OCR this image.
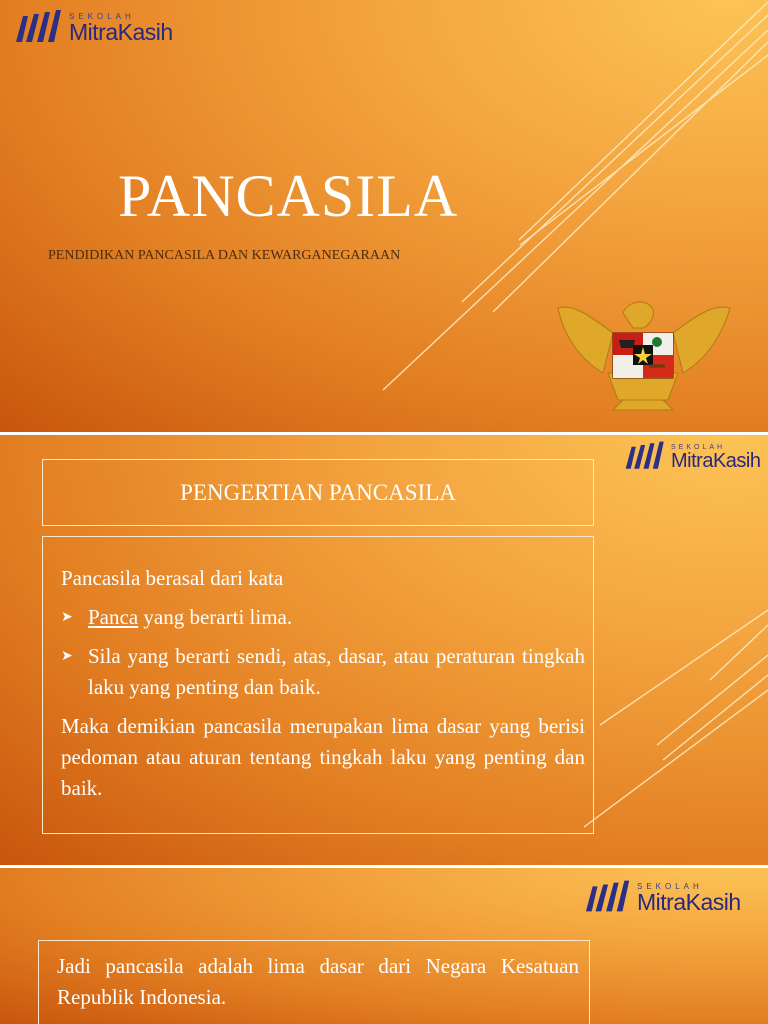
SEKOLAH
MitraKasih
PANCASILA

PENDIDIKAN PANCASILA DAN KEWARGANEGARAAN

SEKOLAH
MitraKasih
PENGERTIAN PANCASILA

Pancasila berasal dari kata

➤ Panca yang berarti lima.
➤ Sila yang berarti sendi, atas, dasar, atau peraturan tingkah laku yang penting dan baik.

Maka demikian pancasila merupakan lima dasar yang berisi pedoman atau aturan tentang tingkah laku yang penting dan baik.

SEKOLAH
MitraKasih

Jadi pancasila adalah lima dasar dari Negara Kesatuan Republik Indonesia.
